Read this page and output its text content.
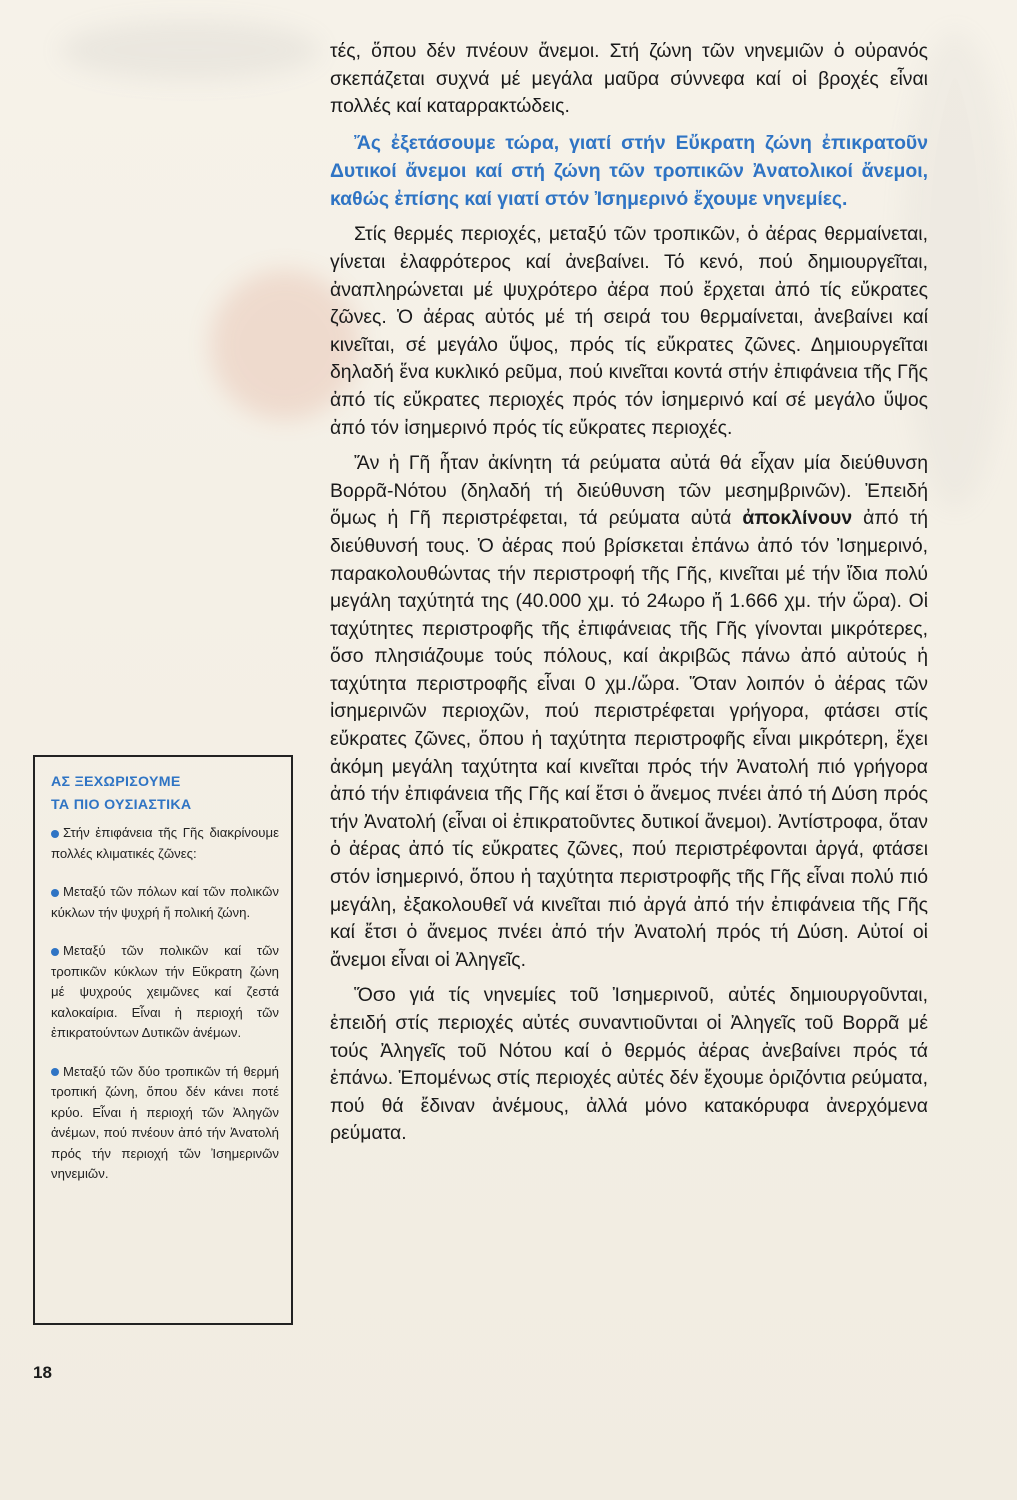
τές, ὅπου δέν πνέουν ἄνεμοι. Στή ζώνη τῶν νηνεμιῶν ὁ οὐρανός σκεπάζεται συχνά μέ μεγάλα μαῦρα σύννεφα καί οἱ βροχές εἶναι πολλές καί καταρρακτώδεις.

Ἄς ἐξετάσουμε τώρα, γιατί στήν Εὔκρατη ζώνη ἐπικρατοῦν Δυτικοί ἄνεμοι καί στή ζώνη τῶν τροπικῶν Ἀνατολικοί ἄνεμοι, καθώς ἐπίσης καί γιατί στόν Ἰσημερινό ἔχουμε νηνεμίες.

Στίς θερμές περιοχές, μεταξύ τῶν τροπικῶν, ὁ ἀέρας θερμαίνεται, γίνεται ἐλαφρότερος καί ἀνεβαίνει. Τό κενό, πού δημιουργεῖται, ἀναπληρώνεται μέ ψυχρότερο ἀέρα πού ἔρχεται ἀπό τίς εὔκρατες ζῶνες. Ὁ ἀέρας αὐτός μέ τή σειρά του θερμαίνεται, ἀνεβαίνει καί κινεῖται, σέ μεγάλο ὕψος, πρός τίς εὔκρατες ζῶνες. Δημιουργεῖται δηλαδή ἕνα κυκλικό ρεῦμα, πού κινεῖται κοντά στήν ἐπιφάνεια τῆς Γῆς ἀπό τίς εὔκρατες περιοχές πρός τόν ἰσημερινό καί σέ μεγάλο ὕψος ἀπό τόν ἰσημερινό πρός τίς εὔκρατες περιοχές.

Ἄν ἡ Γῆ ἦταν ἀκίνητη τά ρεύματα αὐτά θά εἶχαν μία διεύθυνση Βορρᾶ-Νότου (δηλαδή τή διεύθυνση τῶν μεσημβρινῶν). Ἐπειδή ὅμως ἡ Γῆ περιστρέφεται, τά ρεύματα αὐτά ἀποκλίνουν ἀπό τή διεύθυνσή τους. Ὁ ἀέρας πού βρίσκεται ἐπάνω ἀπό τόν Ἰσημερινό, παρακολουθώντας τήν περιστροφή τῆς Γῆς, κινεῖται μέ τήν ἴδια πολύ μεγάλη ταχύτητά της (40.000 χμ. τό 24ωρο ἤ 1.666 χμ. τήν ὥρα). Οἱ ταχύτητες περιστροφῆς τῆς ἐπιφάνειας τῆς Γῆς γίνονται μικρότερες, ὅσο πλησιάζουμε τούς πόλους, καί ἀκριβῶς πάνω ἀπό αὐτούς ἡ ταχύτητα περιστροφῆς εἶναι 0 χμ./ὥρα. Ὅταν λοιπόν ὁ ἀέρας τῶν ἰσημερινῶν περιοχῶν, πού περιστρέφεται γρήγορα, φτάσει στίς εὔκρατες ζῶνες, ὅπου ἡ ταχύτητα περιστροφῆς εἶναι μικρότερη, ἔχει ἀκόμη μεγάλη ταχύτητα καί κινεῖται πρός τήν Ἀνατολή πιό γρήγορα ἀπό τήν ἐπιφάνεια τῆς Γῆς καί ἔτσι ὁ ἄνεμος πνέει ἀπό τή Δύση πρός τήν Ἀνατολή (εἶναι οἱ ἐπικρατοῦντες δυτικοί ἄνεμοι). Ἀντίστροφα, ὅταν ὁ ἀέρας ἀπό τίς εὔκρατες ζῶνες, πού περιστρέφονται ἀργά, φτάσει στόν ἰσημερινό, ὅπου ἡ ταχύτητα περιστροφῆς τῆς Γῆς εἶναι πολύ πιό μεγάλη, ἐξακολουθεῖ νά κινεῖται πιό ἀργά ἀπό τήν ἐπιφάνεια τῆς Γῆς καί ἔτσι ὁ ἄνεμος πνέει ἀπό τήν Ἀνατολή πρός τή Δύση. Αὐτοί οἱ ἄνεμοι εἶναι οἱ Ἀληγεῖς.

Ὅσο γιά τίς νηνεμίες τοῦ Ἰσημερινοῦ, αὐτές δημιουργοῦνται, ἐπειδή στίς περιοχές αὐτές συναντιοῦνται οἱ Ἀληγεῖς τοῦ Βορρᾶ μέ τούς Ἀληγεῖς τοῦ Νότου καί ὁ θερμός ἀέρας ἀνεβαίνει πρός τά ἐπάνω. Ἑπομένως στίς περιοχές αὐτές δέν ἔχουμε ὁριζόντια ρεύματα, πού θά ἔδιναν ἀνέμους, ἀλλά μόνο κατακόρυφα ἀνερχόμενα ρεύματα.

ΑΣ ΞΕΧΩΡΙΣΟΥΜΕ
ΤΑ ΠΙΟ ΟΥΣΙΑΣΤΙΚΑ
Στήν ἐπιφάνεια τῆς Γῆς διακρίνουμε πολλές κλιματικές ζῶνες:
Μεταξύ τῶν πόλων καί τῶν πολικῶν κύκλων τήν ψυχρή ἤ πολική ζώνη.
Μεταξύ τῶν πολικῶν καί τῶν τροπικῶν κύκλων τήν Εὔκρατη ζώνη μέ ψυχρούς χειμῶνες καί ζεστά καλοκαίρια. Εἶναι ἡ περιοχή τῶν ἐπικρατούντων Δυτικῶν ἀνέμων.
Μεταξύ τῶν δύο τροπικῶν τή θερμή τροπική ζώνη, ὅπου δέν κάνει ποτέ κρύο. Εἶναι ἡ περιοχή τῶν Ἀληγῶν ἀνέμων, πού πνέουν ἀπό τήν Ἀνατολή πρός τήν περιοχή τῶν Ἰσημερινῶν νηνεμιῶν.
18
